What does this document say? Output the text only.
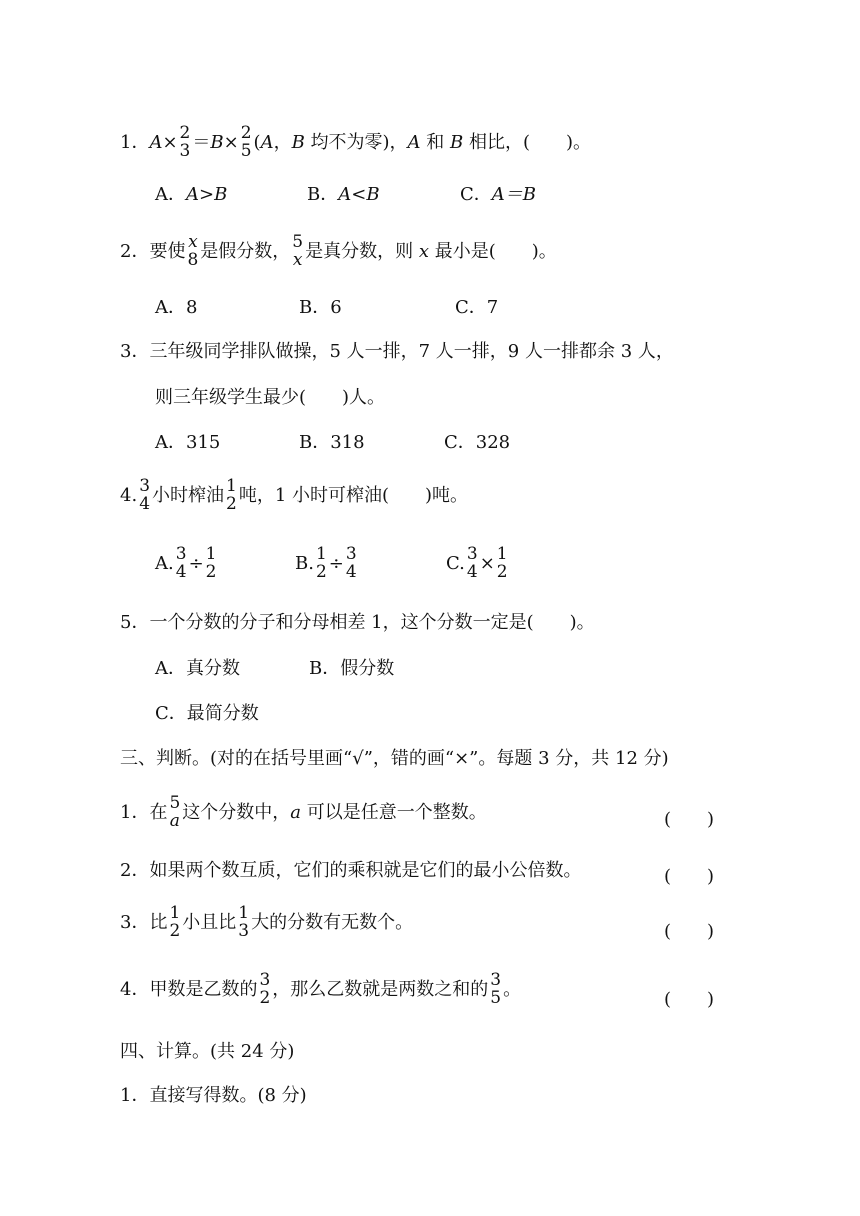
1．A× 2
3 ＝B× 2
5 (A，B 均不为零)，A 和 B 相比，(　　)。
A．A>B	B．A<B	C．A＝B
2．要使 x
8 是假分数， 5
x 是真分数，则 x 最小是(　　)。
A．8	B．6	C．7
3．三年级同学排队做操，5 人一排，7 人一排，9 人一排都余 3 人，
则三年级学生最少(　　)人。
A．315	B．318	C．328
4. 3
4 小时榨油 1
2 吨，1 小时可榨油(　　)吨。
A. 3
4 ÷ 1
2	B. 1
2 ÷ 3
4	C. 3
4 × 1
2
5．一个分数的分子和分母相差 1，这个分数一定是(　　)。
A．真分数	B．假分数
C．最简分数
三、判断。(对的在括号里画“√”，错的画“×”。每题 3 分，共 12 分)
1．在 5
a 这个分数中，a 可以是任意一个整数。	(　　)
2．如果两个数互质，它们的乘积就是它们的最小公倍数。	(　　)
3．比 1
2 小且比 1
3 大的分数有无数个。	(　　)
4．甲数是乙数的 3
2 ，那么乙数就是两数之和的 3
5 。	(　　)
四、计算。(共 24 分)
1．直接写得数。(8 分)
